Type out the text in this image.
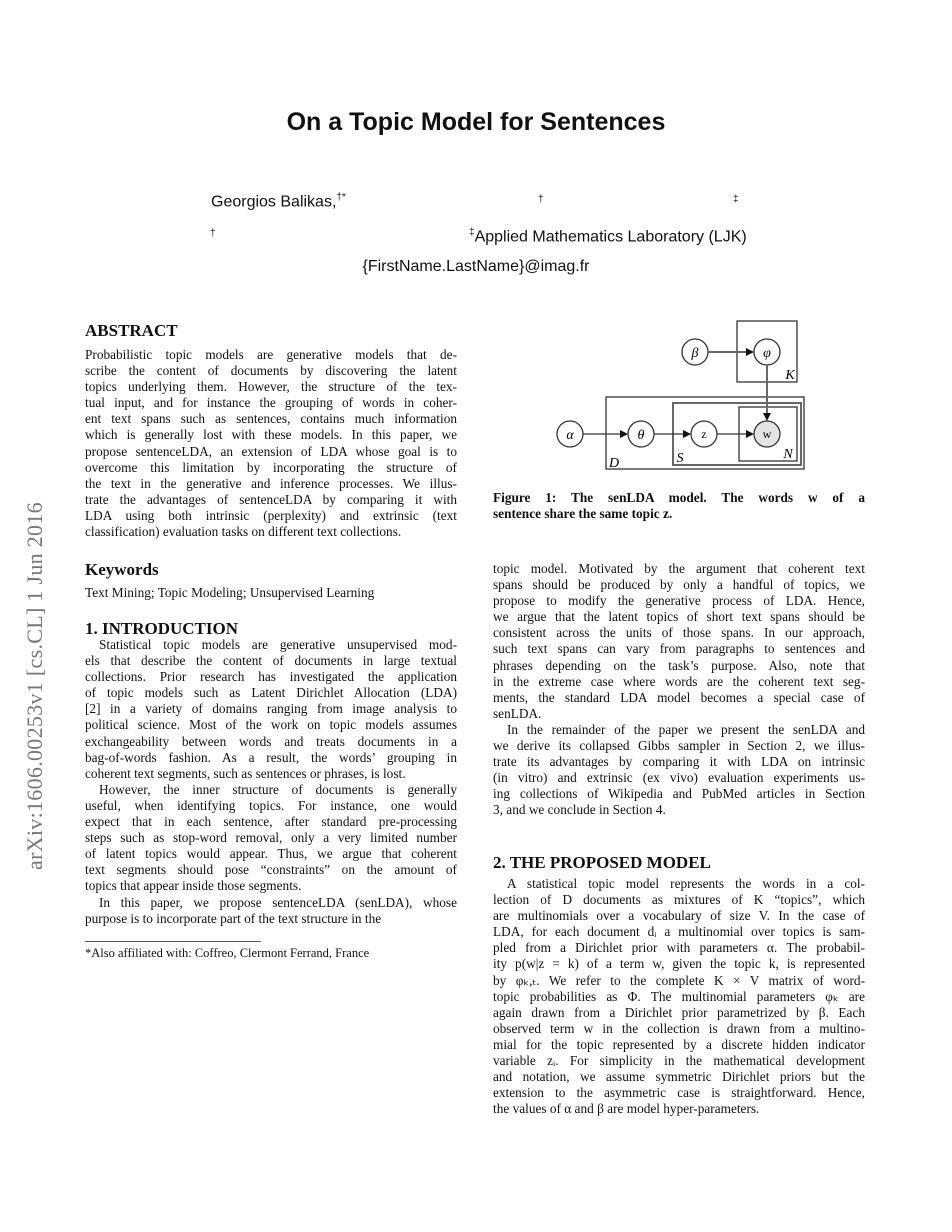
arXiv:1606.00253v1 [cs.CL] 1 Jun 2016
On a Topic Model for Sentences
Georgios Balikas,†*	†	‡
†	‡Applied Mathematics Laboratory (LJK)
{FirstName.LastName}@imag.fr
ABSTRACT
Probabilistic topic models are generative models that de-
scribe the content of documents by discovering the latent
topics underlying them. However, the structure of the tex-
tual input, and for instance the grouping of words in coher-
ent text spans such as sentences, contains much information
which is generally lost with these models. In this paper, we
propose sentenceLDA, an extension of LDA whose goal is to
overcome this limitation by incorporating the structure of
the text in the generative and inference processes. We illus-
trate the advantages of sentenceLDA by comparing it with
LDA using both intrinsic (perplexity) and extrinsic (text
classification) evaluation tasks on different text collections.
Keywords
Text Mining; Topic Modeling; Unsupervised Learning
1. INTRODUCTION
Statistical topic models are generative unsupervised mod-
els that describe the content of documents in large textual
collections. Prior research has investigated the application
of topic models such as Latent Dirichlet Allocation (LDA)
[2] in a variety of domains ranging from image analysis to
political science. Most of the work on topic models assumes
exchangeability between words and treats documents in a
bag-of-words fashion. As a result, the words’ grouping in
coherent text segments, such as sentences or phrases, is lost.
However, the inner structure of documents is generally
useful, when identifying topics. For instance, one would
expect that in each sentence, after standard pre-processing
steps such as stop-word removal, only a very limited number
of latent topics would appear. Thus, we argue that coherent
text segments should pose “constraints” on the amount of
topics that appear inside those segments.
In this paper, we propose sentenceLDA (senLDA), whose
purpose is to incorporate part of the text structure in the
*Also affiliated with: Coffreo, Clermont Ferrand, France
β	φ
α	θ	z	w
K
D	S	N
Figure 1: The senLDA model. The words w of a
sentence share the same topic z.
topic model. Motivated by the argument that coherent text
spans should be produced by only a handful of topics, we
propose to modify the generative process of LDA. Hence,
we argue that the latent topics of short text spans should be
consistent across the units of those spans. In our approach,
such text spans can vary from paragraphs to sentences and
phrases depending on the task’s purpose. Also, note that
in the extreme case where words are the coherent text seg-
ments, the standard LDA model becomes a special case of
senLDA.
In the remainder of the paper we present the senLDA and
we derive its collapsed Gibbs sampler in Section 2, we illus-
trate its advantages by comparing it with LDA on intrinsic
(in vitro) and extrinsic (ex vivo) evaluation experiments us-
ing collections of Wikipedia and PubMed articles in Section
3, and we conclude in Section 4.
2. THE PROPOSED MODEL
A statistical topic model represents the words in a col-
lection of D documents as mixtures of K “topics”, which
are multinomials over a vocabulary of size V. In the case of
LDA, for each document dᵢ a multinomial over topics is sam-
pled from a Dirichlet prior with parameters α. The probabil-
ity p(w|z = k) of a term w, given the topic k, is represented
by φₖ,ₜ. We refer to the complete K × V matrix of word-
topic probabilities as Φ. The multinomial parameters φₖ are
again drawn from a Dirichlet prior parametrized by β. Each
observed term w in the collection is drawn from a multino-
mial for the topic represented by a discrete hidden indicator
variable zᵢ. For simplicity in the mathematical development
and notation, we assume symmetric Dirichlet priors but the
extension to the asymmetric case is straightforward. Hence,
the values of α and β are model hyper-parameters.
